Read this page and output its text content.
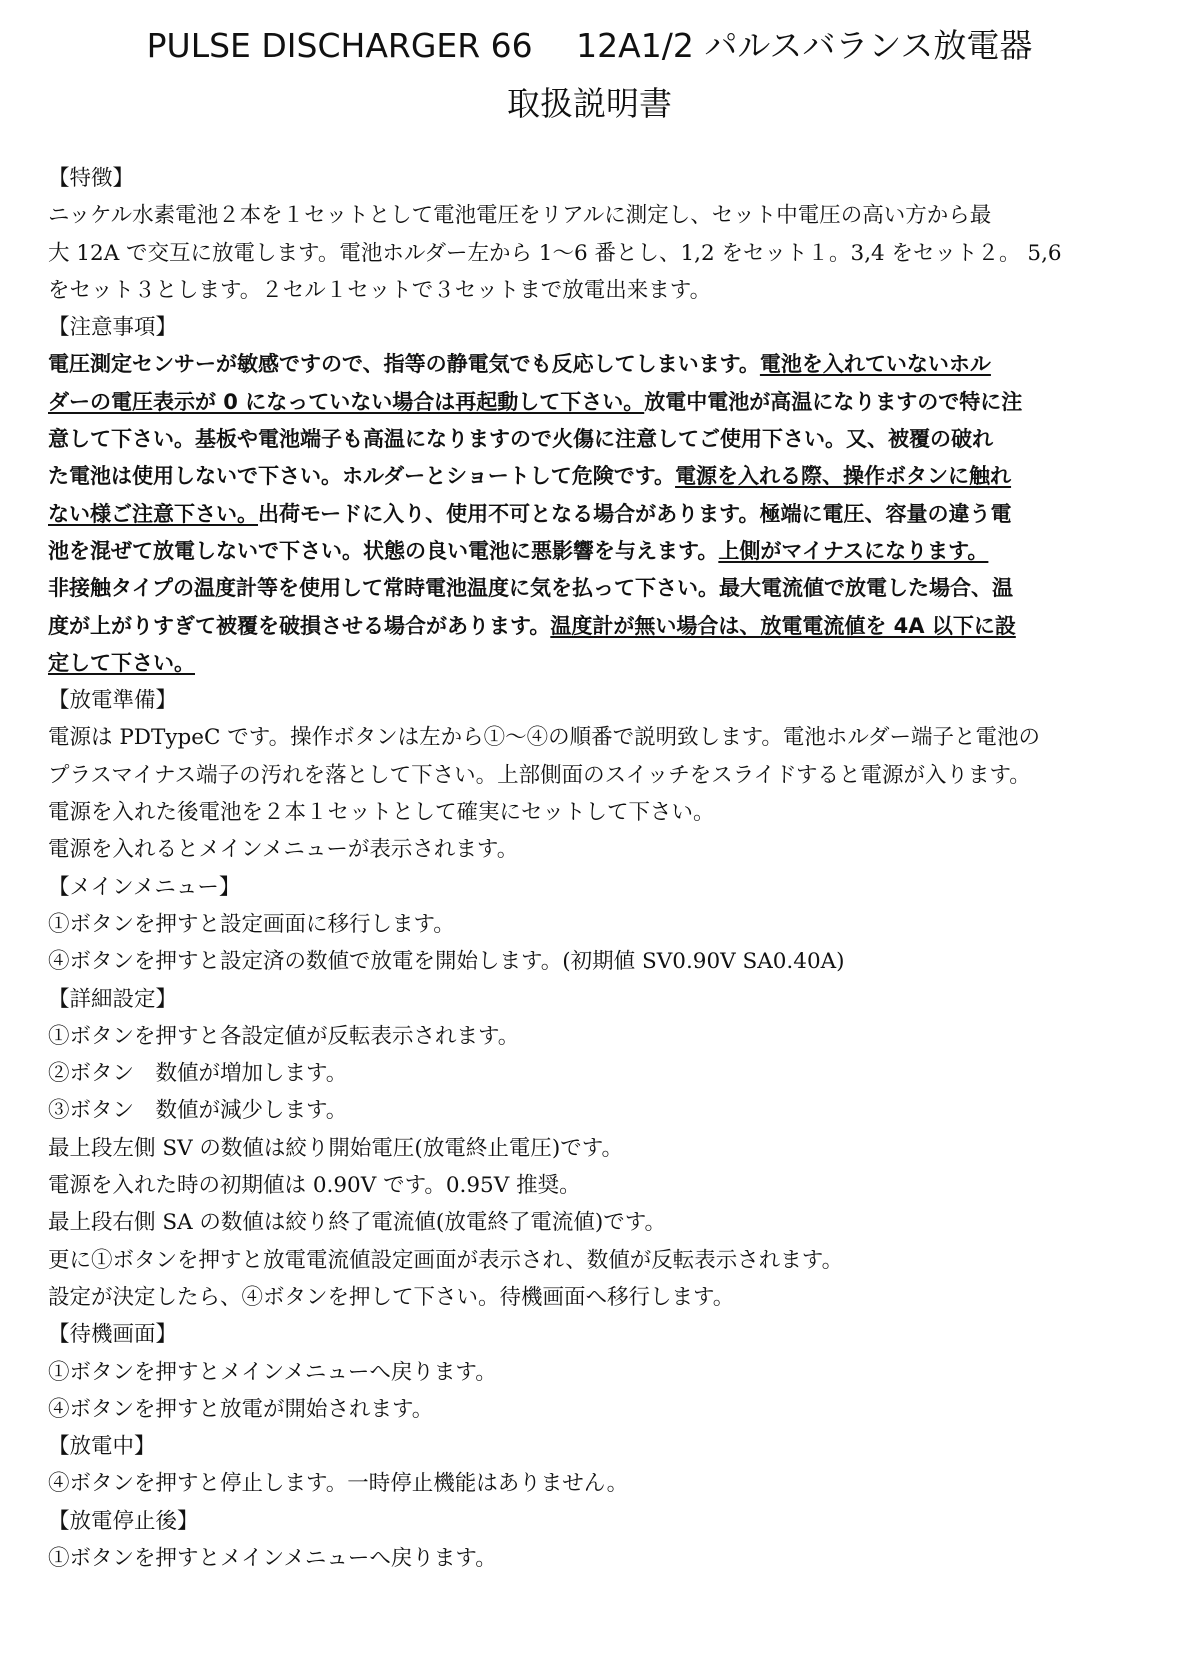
PULSE DISCHARGER 66　 12A1/2 パルスバランス放電器
取扱説明書

【特徴】

ニッケル水素電池２本を１セットとして電池電圧をリアルに測定し、セット中電圧の高い方から最

大 12A で交互に放電します。電池ホルダー左から 1〜6 番とし、1,2 をセット１。3,4 をセット２。 5,6

をセット３とします。２セル１セットで３セットまで放電出来ます。

【注意事項】

電圧測定センサーが敏感ですので、指等の静電気でも反応してしまいます。電池を入れていないホル

ダーの電圧表示が 0 になっていない場合は再起動して下さい。放電中電池が高温になりますので特に注

意して下さい。基板や電池端子も高温になりますので火傷に注意してご使用下さい。又、被覆の破れ

た電池は使用しないで下さい。ホルダーとショートして危険です。電源を入れる際、操作ボタンに触れ

ない様ご注意下さい。出荷モードに入り、使用不可となる場合があります。極端に電圧、容量の違う電

池を混ぜて放電しないで下さい。状態の良い電池に悪影響を与えます。上側がマイナスになります。

非接触タイプの温度計等を使用して常時電池温度に気を払って下さい。最大電流値で放電した場合、温

度が上がりすぎて被覆を破損させる場合があります。温度計が無い場合は、放電電流値を 4A 以下に設

定して下さい。

【放電準備】

電源は PDTypeC です。操作ボタンは左から①〜④の順番で説明致します。電池ホルダー端子と電池の

プラスマイナス端子の汚れを落として下さい。上部側面のスイッチをスライドすると電源が入ります。

電源を入れた後電池を２本１セットとして確実にセットして下さい。

電源を入れるとメインメニューが表示されます。

【メインメニュー】

①ボタンを押すと設定画面に移行します。

④ボタンを押すと設定済の数値で放電を開始します。(初期値 SV0.90V SA0.40A)

【詳細設定】

①ボタンを押すと各設定値が反転表示されます。

②ボタン　数値が増加します。

③ボタン　数値が減少します。

最上段左側 SV の数値は絞り開始電圧(放電終止電圧)です。

電源を入れた時の初期値は 0.90V です。0.95V 推奨。

最上段右側 SA の数値は絞り終了電流値(放電終了電流値)です。

更に①ボタンを押すと放電電流値設定画面が表示され、数値が反転表示されます。

設定が決定したら、④ボタンを押して下さい。待機画面へ移行します。

【待機画面】

①ボタンを押すとメインメニューへ戻ります。

④ボタンを押すと放電が開始されます。

【放電中】

④ボタンを押すと停止します。一時停止機能はありません。

【放電停止後】

①ボタンを押すとメインメニューへ戻ります。
